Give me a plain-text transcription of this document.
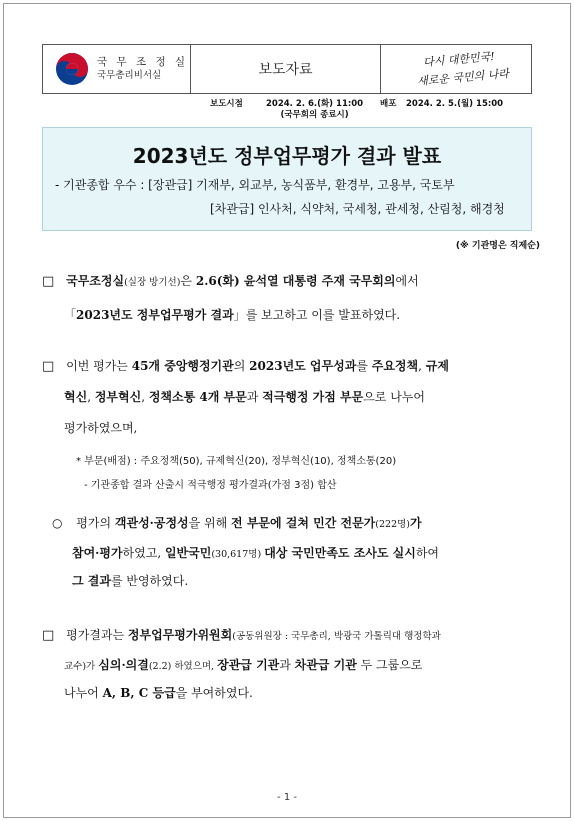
국 무 조 정 실
국무총리비서실	보도자료
다시 대한민국!
새로운 국민의 나라
보도시점	2024. 2. 6.(화) 11:00
(국무회의 종료시)
배포 2024. 2. 5.(월) 15:00
2023년도 정부업무평가 결과 발표
- 기관종합 우수 : [장관급] 기재부, 외교부, 농식품부, 환경부, 고용부, 국토부
[차관급] 인사처, 식약처, 국세청, 관세청, 산림청, 해경청
(※ 기관명은 직제순)
□ 국무조정실(실장 방기선)은 2.6(화) 윤석열 대통령 주재 국무회의에서
「2023년도 정부업무평가 결과」를 보고하고 이를 발표하였다.
□ 이번 평가는 45개 중앙행정기관의 2023년도 업무성과를 주요정책, 규제
혁신, 정부혁신, 정책소통 4개 부문과 적극행정 가점 부문으로 나누어
평가하였으며,
* 부문(배점) : 주요정책(50), 규제혁신(20), 정부혁신(10), 정책소통(20)
- 기관종합 결과 산출시 적극행정 평가결과(가점 3점) 합산
○ 평가의 객관성·공정성을 위해 전 부문에 걸쳐 민간 전문가(222명)가
참여·평가하였고, 일반국민(30,617명) 대상 국민만족도 조사도 실시하여
그 결과를 반영하였다.
□ 평가결과는 정부업무평가위원회(공동위원장 : 국무총리, 박광국 가톨릭대 행정학과
교수)가 심의·의결(2.2) 하였으며, 장관급 기관과 차관급 기관 두 그룹으로
나누어 A, B, C 등급을 부여하였다.
- 1 -
